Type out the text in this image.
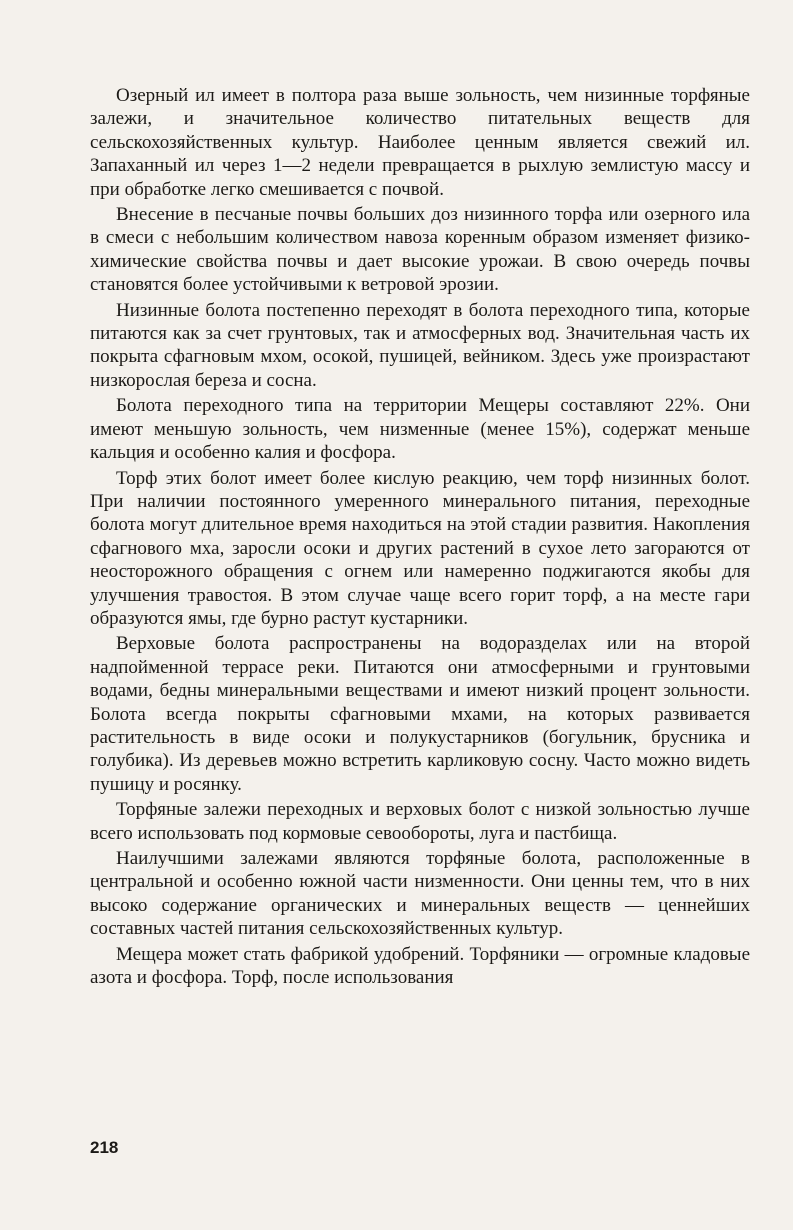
Озерный ил имеет в полтора раза выше зольность, чем низинные торфяные залежи, и значительное количество питательных веществ для сельскохозяйственных культур. Наиболее ценным является свежий ил. Запаханный ил через 1—2 недели превращается в рыхлую землистую массу и при обработке легко смешивается с почвой.

Внесение в песчаные почвы больших доз низинного торфа или озерного ила в смеси с небольшим количеством навоза коренным образом изменяет физико-химические свойства почвы и дает высокие урожаи. В свою очередь почвы становятся более устойчивыми к ветровой эрозии.

Низинные болота постепенно переходят в болота переходного типа, которые питаются как за счет грунтовых, так и атмосферных вод. Значительная часть их покрыта сфагновым мхом, осокой, пушицей, вейником. Здесь уже произрастают низкорослая береза и сосна.

Болота переходного типа на территории Мещеры составляют 22%. Они имеют меньшую зольность, чем низменные (менее 15%), содержат меньше кальция и особенно калия и фосфора.

Торф этих болот имеет более кислую реакцию, чем торф низинных болот. При наличии постоянного умеренного минерального питания, переходные болота могут длительное время находиться на этой стадии развития. Накопления сфагнового мха, заросли осоки и других растений в сухое лето загораются от неосторожного обращения с огнем или намеренно поджигаются якобы для улучшения травостоя. В этом случае чаще всего горит торф, а на месте гари образуются ямы, где бурно растут кустарники.

Верховые болота распространены на водоразделах или на второй надпойменной террасе реки. Питаются они атмосферными и грунтовыми водами, бедны минеральными веществами и имеют низкий процент зольности. Болота всегда покрыты сфагновыми мхами, на которых развивается растительность в виде осоки и полукустарников (богульник, брусника и голубика). Из деревьев можно встретить карликовую сосну. Часто можно видеть пушицу и росянку.

Торфяные залежи переходных и верховых болот с низкой зольностью лучше всего использовать под кормовые севообороты, луга и пастбища.

Наилучшими залежами являются торфяные болота, расположенные в центральной и особенно южной части низменности. Они ценны тем, что в них высоко содержание органических и минеральных веществ — ценнейших составных частей питания сельскохозяйственных культур.

Мещера может стать фабрикой удобрений. Торфяники — огромные кладовые азота и фосфора. Торф, после использования

218
